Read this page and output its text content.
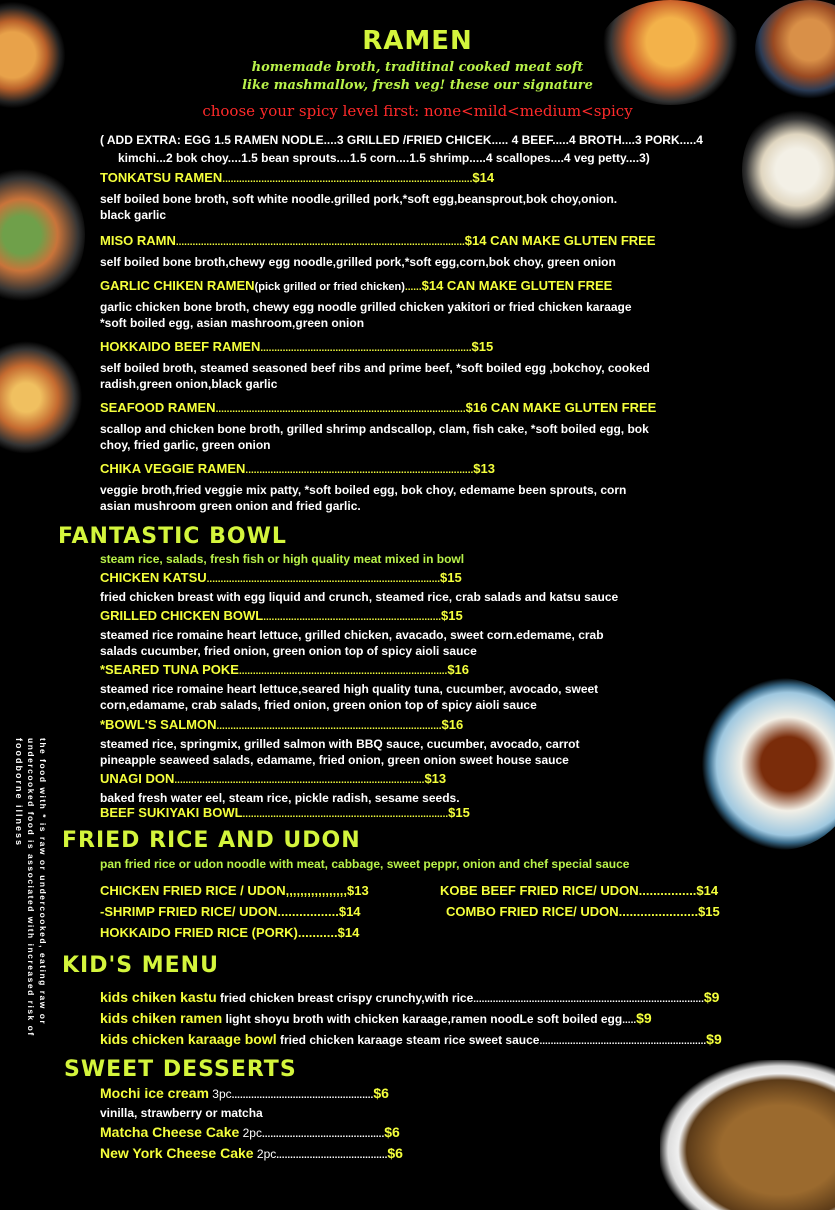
RAMEN
homemade broth, traditinal cooked meat soft
like mashmallow, fresh veg! these our signature
choose your spicy level first: none<mild<medium<spicy
( ADD EXTRA: EGG 1.5 RAMEN NODLE....3 GRILLED /FRIED CHICEK..... 4 BEEF.....4 BROTH....3 PORK.....4
kimchi...2 bok choy....1.5 bean sprouts....1.5 corn....1.5 shrimp.....4 scallopes....4 veg petty....3)
TONKATSU RAMEN..........................................................................................$14
self boiled bone broth, soft white noodle.grilled pork,*soft egg,beansprout,bok choy,onion.
black garlic
MISO RAMN........................................................................................................$14 CAN MAKE GLUTEN FREE
self boiled bone broth,chewy egg noodle,grilled pork,*soft egg,corn,bok choy, green onion
GARLIC CHIKEN RAMEN(pick grilled or fried chicken)......$14 CAN MAKE GLUTEN FREE
garlic chicken bone broth, chewy egg noodle grilled chicken yakitori or fried chicken karaage
*soft boiled egg, asian mashroom,green onion
HOKKAIDO BEEF RAMEN............................................................................$15
self boiled broth, steamed seasoned beef ribs and prime beef, *soft boiled egg ,bokchoy, cooked
radish,green onion,black garlic
SEAFOOD RAMEN..........................................................................................$16 CAN MAKE GLUTEN FREE
scallop and chicken bone broth, grilled shrimp andscallop, clam, fish cake, *soft boiled egg, bok
choy, fried garlic, green onion
CHIKA VEGGIE RAMEN..................................................................................$13
veggie broth,fried veggie mix patty, *soft boiled egg, bok choy, edemame been sprouts, corn
asian mushroom green onion and fried garlic.
FANTASTIC BOWL
steam rice, salads, fresh fish or high quality meat mixed in bowl
CHICKEN KATSU....................................................................................$15
fried chicken breast with egg liquid and crunch, steamed rice, crab salads and katsu sauce
GRILLED CHICKEN BOWL................................................................$15
steamed rice romaine heart lettuce, grilled chicken, avacado, sweet corn.edemame, crab
salads cucumber, fried onion, green onion top of spicy aioli sauce
*SEARED TUNA POKE...........................................................................$16
steamed rice romaine heart lettuce,seared high quality tuna, cucumber, avocado, sweet
corn,edamame, crab salads, fried onion, green onion top of spicy aioli sauce
*BOWL'S SALMON.................................................................................$16
steamed rice, springmix, grilled salmon with BBQ sauce, cucumber, avocado, carrot
pineapple seaweed salads, edamame, fried onion, green onion sweet house sauce
UNAGI DON..........................................................................................$13
baked fresh water eel, steam rice, pickle radish, sesame seeds.
BEEF SUKIYAKI BOWL..........................................................................$15
FRIED RICE AND UDON
pan fried rice or udon noodle with meat, cabbage, sweet peppr, onion and chef special sauce
CHICKEN FRIED RICE / UDON,,,,,,,,,,,,,,,,,$13
-SHRIMP FRIED RICE/ UDON.................$14
HOKKAIDO FRIED RICE (PORK)...........$14
KOBE BEEF FRIED RICE/ UDON................$14
COMBO FRIED RICE/ UDON......................$15
KID'S MENU
kids chiken kastu fried chicken breast crispy crunchy,with rice...................................................................................$9
kids chiken ramen light shoyu broth with chicken karaage,ramen noodLe soft boiled egg.....$9
kids chicken karaage bowl fried chicken karaage steam rice sweet sauce............................................................$9
SWEET DESSERTS
Mochi ice cream 3pc...................................................$6
vinilla, strawberry or matcha
Matcha Cheese Cake 2pc............................................$6
New York Cheese Cake 2pc........................................$6
foodborne illness undercooked food is associated with increased risk of the food with * is raw or undercooked, eating raw or
